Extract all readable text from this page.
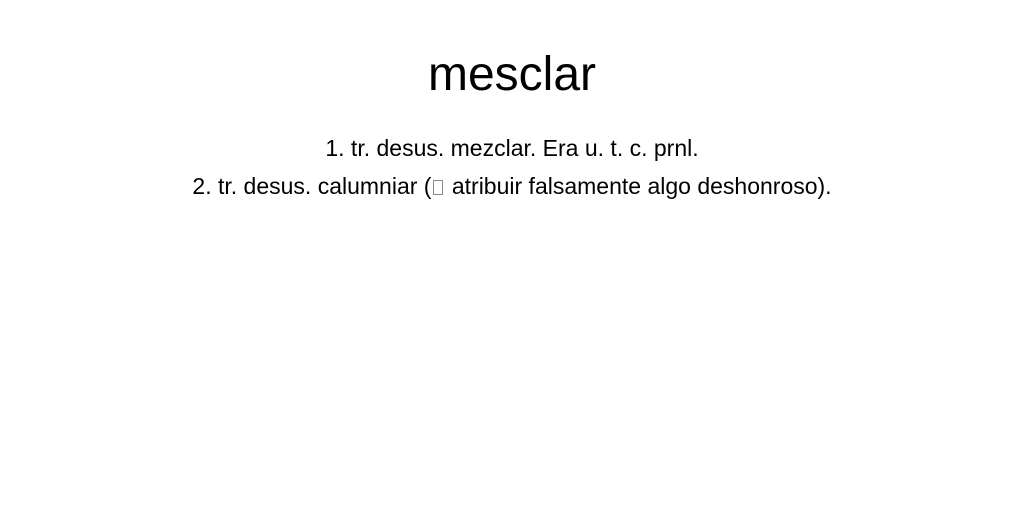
mesclar
1. tr. desus. mezclar. Era u. t. c. prnl.
2. tr. desus. calumniar ( atribuir falsamente algo deshonroso).
